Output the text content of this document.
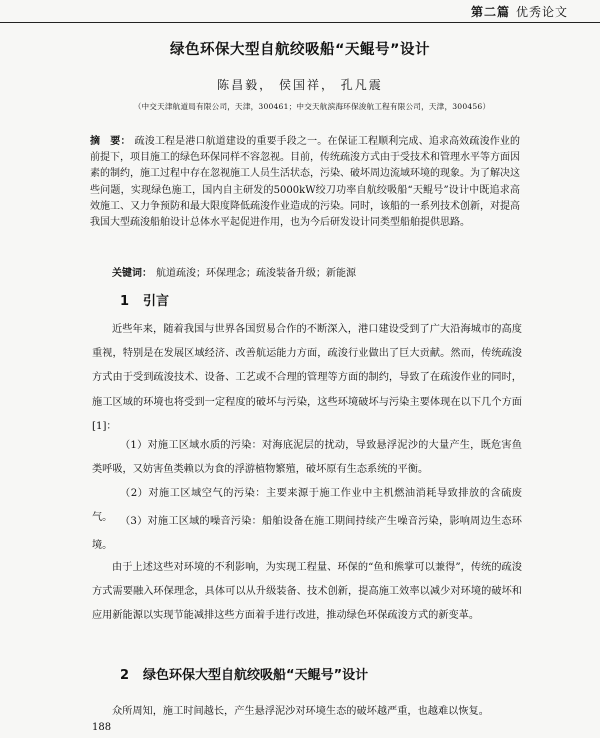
第二篇 优秀论文
绿色环保大型自航绞吸船“天鲲号”设计
陈昌毅， 侯国祥， 孔凡震
（中交天津航道局有限公司，天津，300461；中交天航滨海环保浚航工程有限公司，天津，300456）
摘　要： 疏浚工程是港口航道建设的重要手段之一。在保证工程顺利完成、追求高效疏浚作业的前提下，项目施工的绿色环保同样不容忽视。目前，传统疏浚方式由于受技术和管理水平等方面因素的制约，施工过程中存在忽视施工人员生活状态，污染、破坏周边流域环境的现象。为了解决这些问题，实现绿色施工，国内自主研发的5000kW绞刀功率自航绞吸船“天鲲号”设计中既追求高效施工、又力争预防和最大限度降低疏浚作业造成的污染。同时，该船的一系列技术创新，对提高我国大型疏浚船舶设计总体水平起促进作用，也为今后研发设计同类型船舶提供思路。
关键词： 航道疏浚；环保理念；疏浚装备升级；新能源
1 引言
近些年来，随着我国与世界各国贸易合作的不断深入，港口建设受到了广大沿海城市的高度重视，特别是在发展区域经济、改善航运能力方面，疏浚行业做出了巨大贡献。然而，传统疏浚方式由于受到疏浚技术、设备、工艺或不合理的管理等方面的制约，导致了在疏浚作业的同时，施工区域的环境也将受到一定程度的破坏与污染，这些环境破坏与污染主要体现在以下几个方面[1]：
（1）对施工区域水质的污染：对海底泥层的扰动，导致悬浮泥沙的大量产生，既危害鱼类呼吸，又妨害鱼类赖以为食的浮游植物繁殖，破坏原有生态系统的平衡。
（2）对施工区域空气的污染：主要来源于施工作业中主机燃油消耗导致排放的含硫废气。 （3）对施工区域的噪音污染：船舶设备在施工期间持续产生噪音污染，影响周边生态环境。
由于上述这些对环境的不利影响，为实现工程量、环保的“鱼和熊掌可以兼得”，传统的疏浚方式需要融入环保理念，具体可以从升级装备、技术创新，提高施工效率以减少对环境的破坏和应用新能源以实现节能减排这些方面着手进行改进，推动绿色环保疏浚方式的新变革。
2 绿色环保大型自航绞吸船“天鲲号”设计
众所周知，施工时间越长，产生悬浮泥沙对环境生态的破坏越严重，也越难以恢复。
188
